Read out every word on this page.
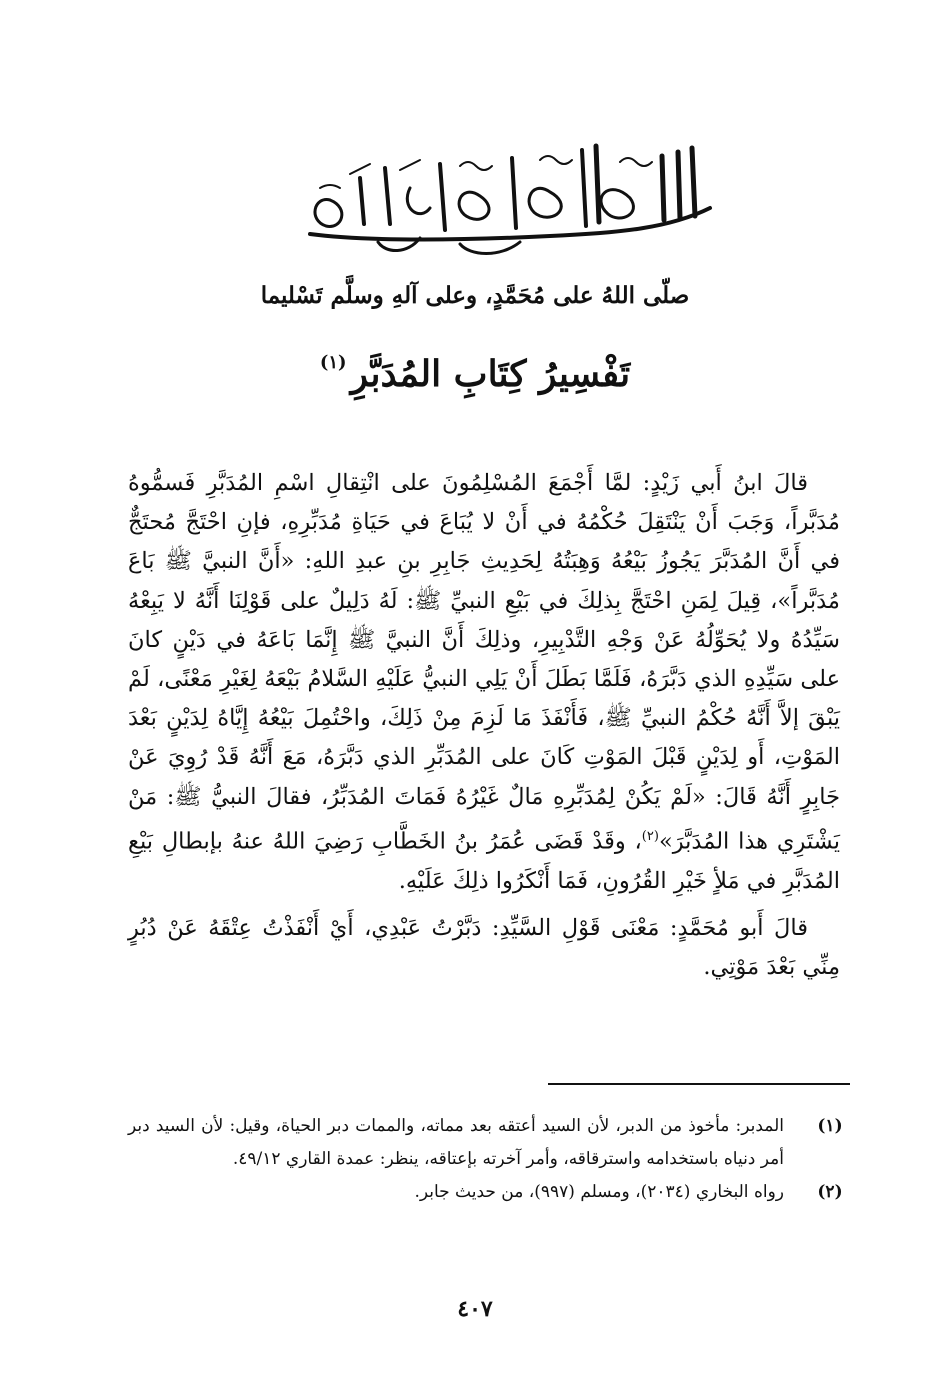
صلّى اللهُ على مُحَمَّدٍ، وعلى آلهِ وسلَّم تَسْليما
تَفْسِيرُ كِتَابِ المُدَبَّرِ$^{(١)}$

قالَ ابنُ أَبي زَيْدٍ: لمَّا أَجْمَعَ المُسْلِمُونَ على انْتِقالِ اسْمِ المُدَبَّرِ فَسمُّوهُ مُدَبَّراً، وَجَبَ أَنْ يَنْتَقِلَ حُكْمُهُ في أَنْ لا يُبَاعَ في حَيَاةِ مُدَبِّرِهِ، فإنِ احْتَجَّ مُحتَجٌّ في أَنَّ المُدَبَّرَ يَجُوزُ بَيْعُهُ وَهِبَتُهُ لِحَدِيثِ جَابِرِ بنِ عبدِ اللهِ: «أَنَّ النبيَّ ﷺ بَاعَ مُدَبَّراً»، قِيلَ لِمَنِ احْتَجَّ بِذلِكَ في بَيْعِ النبيِّ ﷺ: لَهُ دَلِيلٌ على قَوْلِنَا أَنَّهُ لا يَبِعْهُ سَيِّدُهُ ولا يُحَوِّلُهُ عَنْ وَجْهِ التَّدْبِيرِ، وذلِكَ أَنَّ النبيَّ ﷺ إِنَّمَا بَاعَهُ في دَيْنٍ كانَ على سَيِّدِهِ الذي دَبَّرَهُ، فَلَمَّا بَطَلَ أَنْ يَلِي النبيُّ عَلَيْهِ السَّلامُ بَيْعَهُ لِغَيْرِ مَعْنًى، لَمْ يَبْقَ إلاَّ أَنَّهُ حُكْمُ النبيِّ ﷺ، فَأَنْفَذَ مَا لَزِمَ مِنْ ذَلِكَ، واحْتُمِلَ بَيْعُهُ إِيَّاهُ لِدَيْنٍ بَعْدَ المَوْتِ، أَو لِدَيْنٍ قَبْلَ المَوْتِ كَانَ على المُدَبِّرِ الذي دَبَّرَهُ، مَعَ أَنَّهُ قَدْ رُوِيَ عَنْ جَابِرٍ أَنَّهُ قَالَ: «لَمْ يَكُنْ لِمُدَبِّرِهِ مَالٌ غَيْرُهُ فَمَاتَ المُدَبِّرُ، فقالَ النبيُّ ﷺ: مَنْ يَشْتَرِي هذا المُدَبَّرَ»$^{(٢)}$، وقَدْ قَضَى عُمَرُ بنُ الخَطَّابِ رَضِيَ اللهُ عنهُ بإبطالِ بَيْعِ المُدَبَّرِ في مَلأٍ خَيْرِ القُرُونِ، فَمَا أَنْكَرُوا ذلِكَ عَلَيْهِ.

قالَ أَبو مُحَمَّدٍ: مَعْنَى قَوْلِ السَّيِّدِ: دَبَّرْتُ عَبْدِي، أَيْ أَنْفَذْتُ عِتْقَهُ عَنْ دُبُرٍ مِنِّي بَعْدَ مَوْتِي.

(١)
المدبر: مأخوذ من الدبر، لأن السيد أعتقه بعد مماته، والممات دبر الحياة، وقيل: لأن السيد دبر أمر دنياه باستخدامه واسترقاقه، وأمر آخرته بإعتاقه، ينظر: عمدة القاري ٤٩/١٢.
(٢)
رواه البخاري (٢٠٣٤)، ومسلم (٩٩٧)، من حديث جابر.
٤٠٧
